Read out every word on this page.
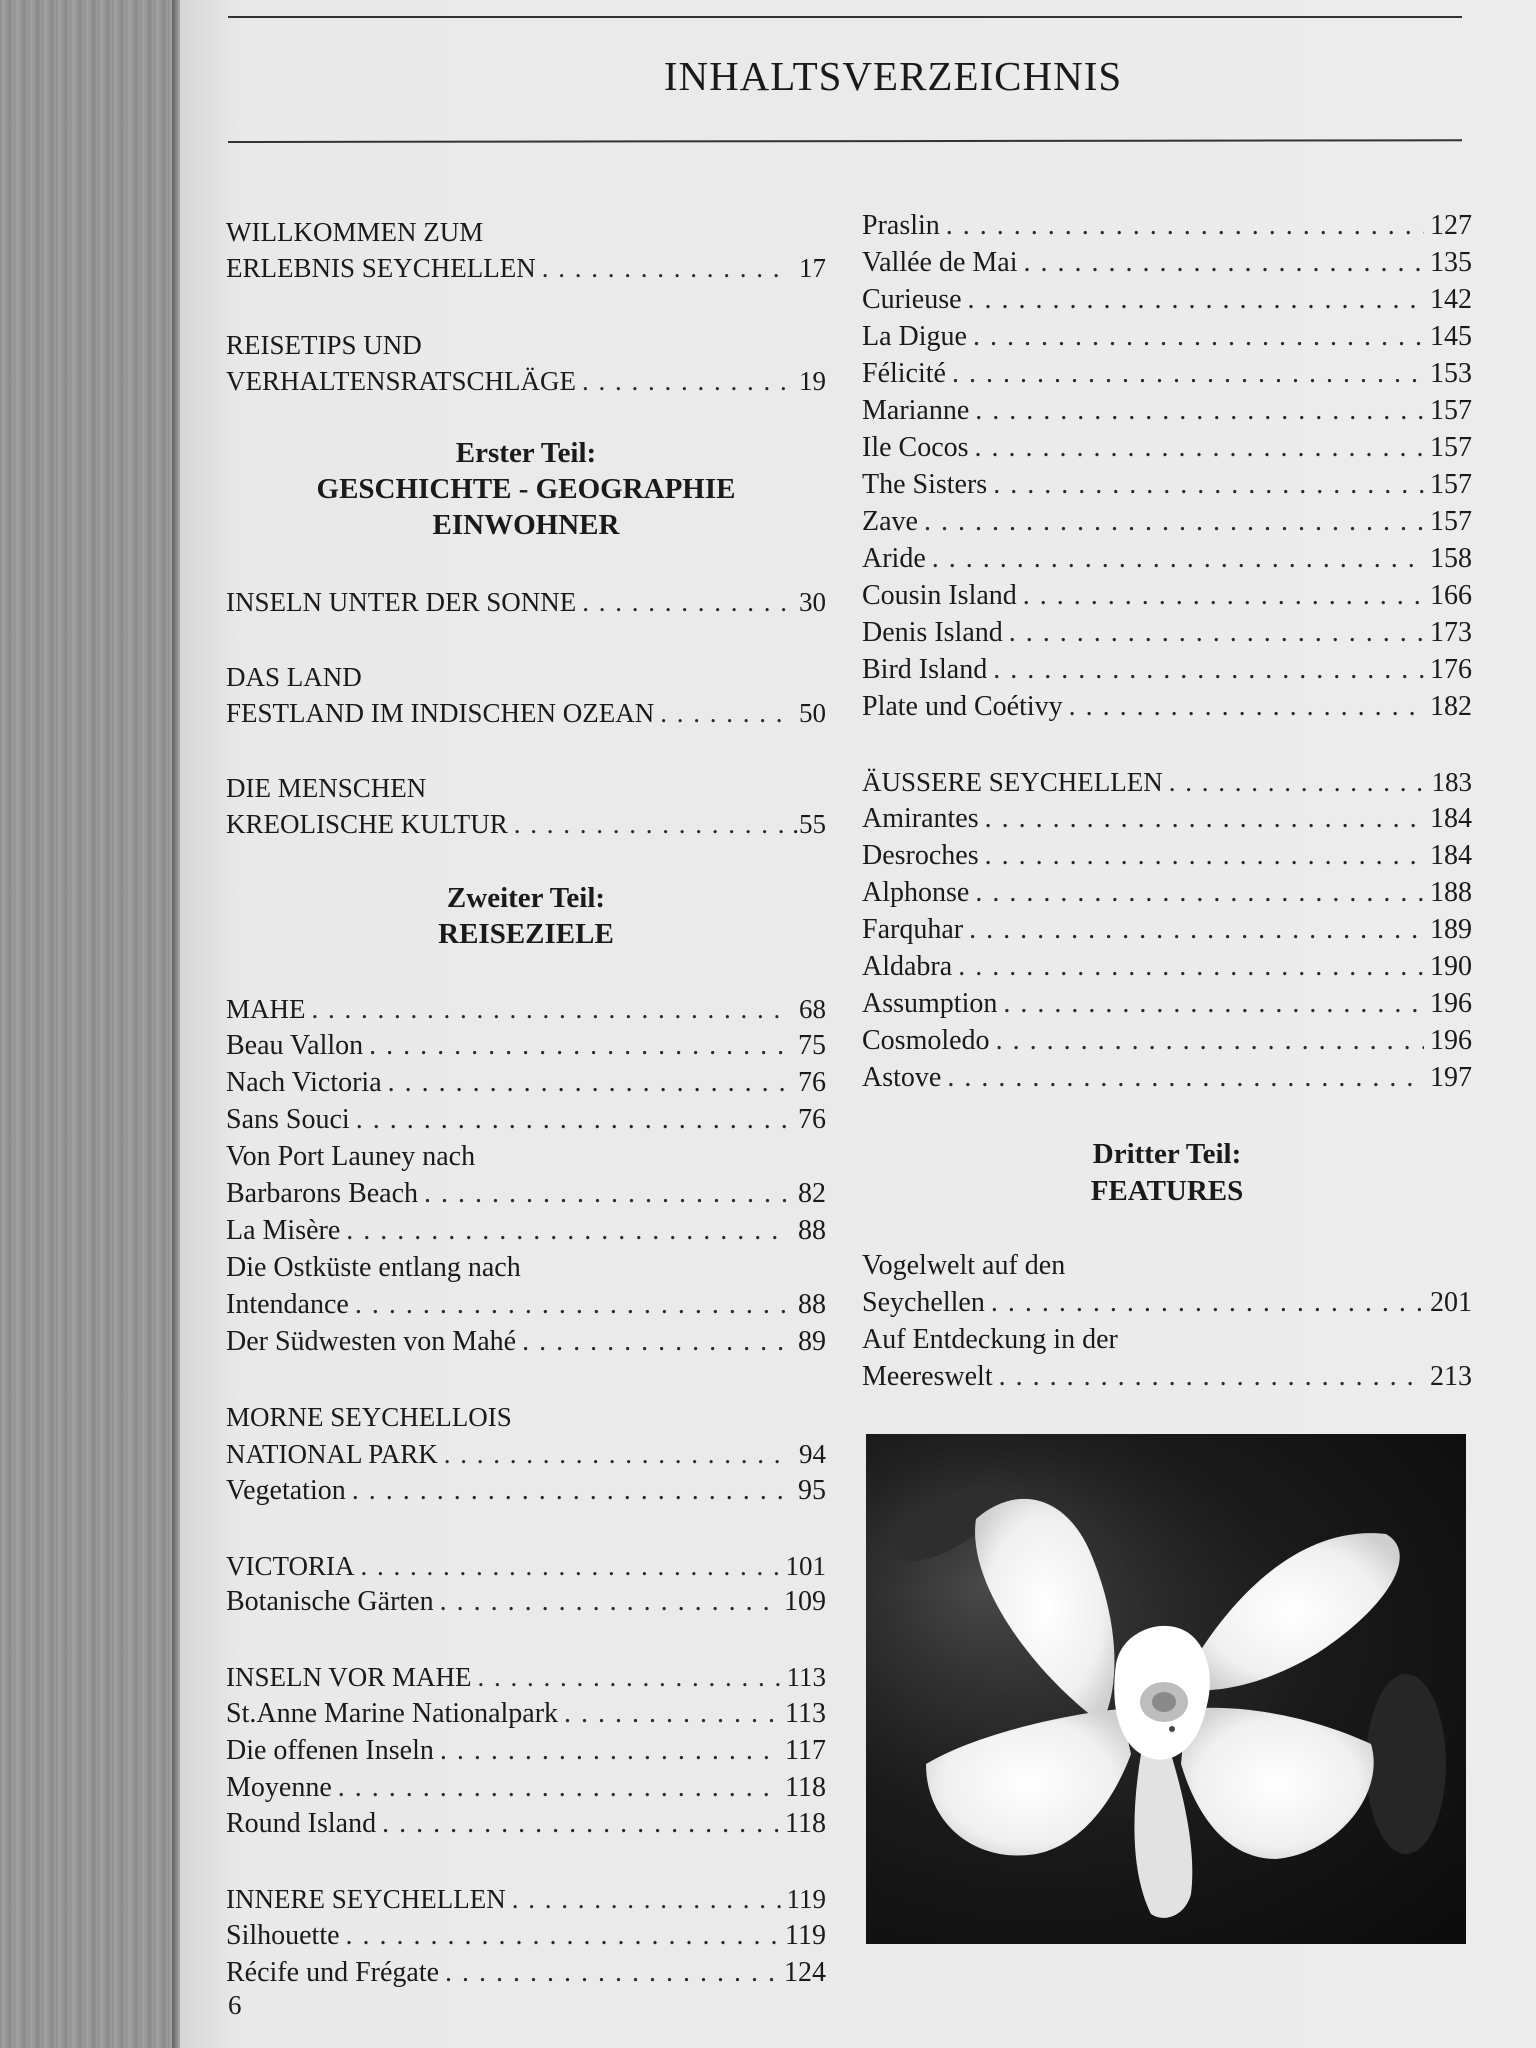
INHALTSVERZEICHNIS
WILLKOMMEN ZUM
ERLEBNIS SEYCHELLEN . . .	17
REISETIPS UND
VERHALTENSRATSCHLÄGE . . .	19
Erster Teil:
GESCHICHTE - GEOGRAPHIE
EINWOHNER
INSELN UNTER DER SONNE . . .	30
DAS LAND
FESTLAND IM INDISCHEN OZEAN . . .	50
DIE MENSCHEN
KREOLISCHE KULTUR . . .	.55
Zweiter Teil:
REISEZIELE
MAHE . . .	68
Beau Vallon . . .	75
Nach Victoria . . .	76
Sans Souci . . .	76
Von Port Launey nach
Barbarons Beach . . .	82
La Misère . . .	88
Die Ostküste entlang nach
Intendance . . .	88
Der Südwesten von Mahé . . .	89
MORNE SEYCHELLOIS
NATIONAL PARK . . .	94
Vegetation . . .	95
VICTORIA . . .	101
Botanische Gärten . . .	109
INSELN VOR MAHE . . .	113
St.Anne Marine Nationalpark . . .	113
Die offenen Inseln . . .	117
Moyenne . . .	118
Round Island . . .	118
INNERE SEYCHELLEN . . .	119
Silhouette . . .	119
Récife und Frégate . . .	124
Praslin . . .	127
Vallée de Mai . . .	135
Curieuse . . .	142
La Digue . . .	145
Félicité . . .	153
Marianne . . .	157
Ile Cocos . . .	157
The Sisters . . .	157
Zave . . .	157
Aride . . .	158
Cousin Island . . .	166
Denis Island . . .	173
Bird Island . . .	176
Plate und Coétivy . . .	182
ÄUSSERE SEYCHELLEN . . .	183
Amirantes . . .	184
Desroches . . .	184
Alphonse . . .	188
Farquhar . . .	189
Aldabra . . .	190
Assumption . . .	196
Cosmoledo . . .	196
Astove . . .	197
Dritter Teil:
FEATURES
Vogelwelt auf den
Seychellen . . .	201
Auf Entdeckung in der
Meereswelt . . .	213
6
